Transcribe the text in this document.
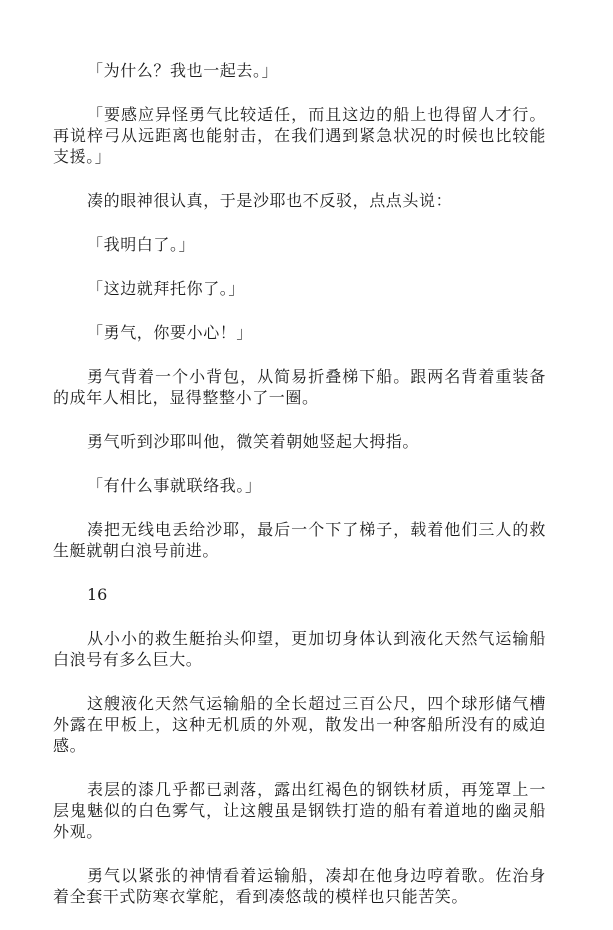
「为什么？我也一起去。」

「要感应异怪勇气比较适任，而且这边的船上也得留人才行。再说梓弓从远距离也能射击，在我们遇到紧急状况的时候也比较能支援。」

凑的眼神很认真，于是沙耶也不反驳，点点头说：

「我明白了。」

「这边就拜托你了。」

「勇气，你要小心！」

勇气背着一个小背包，从简易折叠梯下船。跟两名背着重装备的成年人相比，显得整整小了一圈。

勇气听到沙耶叫他，微笑着朝她竖起大拇指。

「有什么事就联络我。」

凑把无线电丢给沙耶，最后一个下了梯子，载着他们三人的救生艇就朝白浪号前进。

16

从小小的救生艇抬头仰望，更加切身体认到液化天然气运输船白浪号有多么巨大。

这艘液化天然气运输船的全长超过三百公尺，四个球形储气槽外露在甲板上，这种无机质的外观，散发出一种客船所没有的威迫感。

表层的漆几乎都已剥落，露出红褐色的钢铁材质，再笼罩上一层鬼魅似的白色雾气，让这艘虽是钢铁打造的船有着道地的幽灵船外观。

勇气以紧张的神情看着运输船，凑却在他身边哼着歌。佐治身着全套干式防寒衣掌舵，看到凑悠哉的模样也只能苦笑。
